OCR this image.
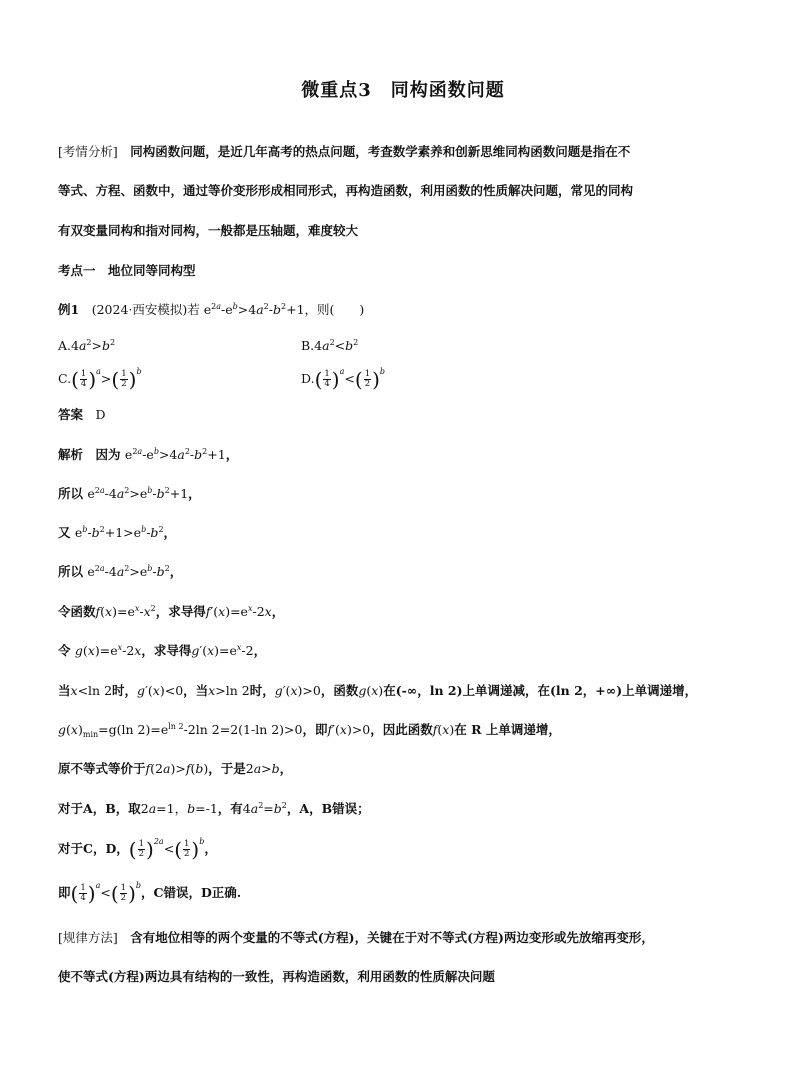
微重点3　同构函数问题
[考情分析]　同构函数问题，是近几年高考的热点问题，考查数学素养和创新思维同构函数问题是指在不
等式、方程、函数中，通过等价变形形成相同形式，再构造函数，利用函数的性质解决问题，常见的同构
有双变量同构和指对同构，一般都是压轴题，难度较大
考点一　地位同等同构型
例1　 (2024·西安模拟)若 $e^{2a}-e^b>4a^2-b^2+1$，则(　　)
$A.4a^2>b^2$	$B.4a^2<b^2$
$C.( \frac{1}{4} )^a>( \frac{1}{2} )^b$	$D.( \frac{1}{4} )^a<( \frac{1}{2} )^b$
答案　 D
解析　 因为 $e^{2a}-e^b>4a^2-b^2+1$，
所以 $e^{2a}-4a^2>e^b-b^2+1$，
又 $e^b-b^2+1>e^b-b^2$，
所以 $e^{2a}-4a^2>e^b-b^2$，
令函数$f(x)=e^x-x^2$，求导得$f'(x)=e^x-2x$，
令 $g(x)=e^x-2x$，求导得$g'(x)=e^x-2$，
当x<ln 2时，g′(x)<0，当x>ln 2时，g′(x)>0，函数g(x)在(-∞，ln 2)上单调递减，在(ln 2，+∞)上单调递增，
$g(x)_{min}=g(\ln$ $2)=e^{ln 2}-2\ln$ 2=2(1-ln 2)>0，即f′(x)>0，因此函数f(x)在 R 上单调递增，
原不等式等价于f(2a)>f(b)，于是2a>b，
对于A，B，取2a=1，b=-1，有$4a^2=b^2$，A，B错误；
对于C，D，( $\frac{1}{2} )^{2a}<( \frac{1}{2} )^b$，
即( $\frac{1}{4} )^a<( \frac{1}{2} )^b$，C错误，D正确.
[规律方法]　含有地位相等的两个变量的不等式(方程)，关键在于对不等式(方程)两边变形或先放缩再变形，
使不等式(方程)两边具有结构的一致性，再构造函数，利用函数的性质解决问题
